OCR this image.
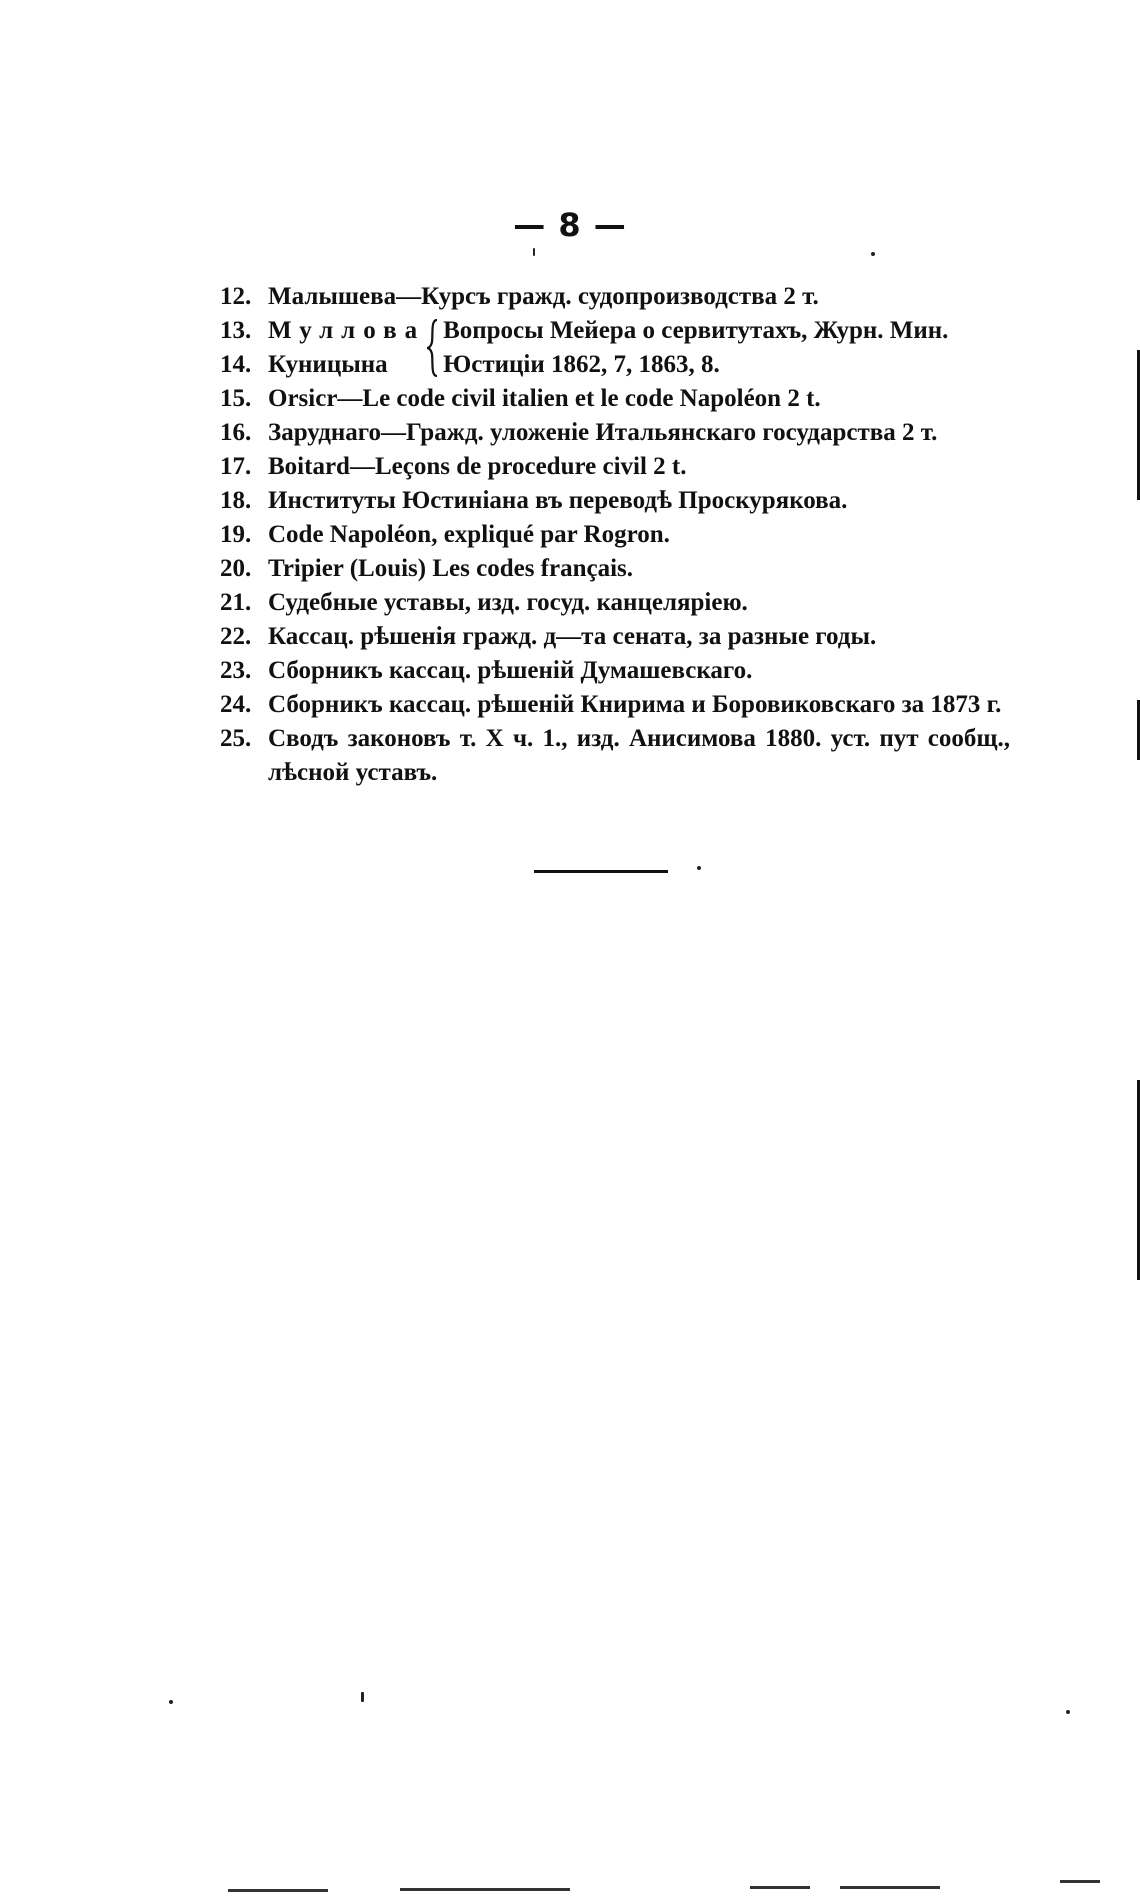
— 8 —
12. Малышева—Курсъ гражд. судопроизводства 2 т.
13. Муллова
14. Куницына
Вопросы Мейера о сервитутахъ, Журн. Мин.
Юстиціи 1862, 7, 1863, 8.
15. Orsicr—Le code civil italien et le code Napoléon 2 t.
16. Заруднаго—Гражд. уложеніе Итальянскаго государства 2 т.
17. Boitard—Leçons de procedure civil 2 t.
18. Институты Юстиніана въ переводѣ Проскурякова.
19. Code Napoléon, expliqué par Rogron.
20. Tripier (Louis) Les codes français.
21. Судебные уставы, изд. госуд. канцеляріею.
22. Кассац. рѣшенія гражд. д—та сената, за разные годы.
23. Сборникъ кассац. рѣшеній Думашевскаго.
24. Сборникъ кассац. рѣшеній Книрима и Боровиковскаго за 1873 г.
25. Сводъ законовъ т. X ч. 1., изд. Анисимова 1880. уст. пут сообщ., лѣсной уставъ.
